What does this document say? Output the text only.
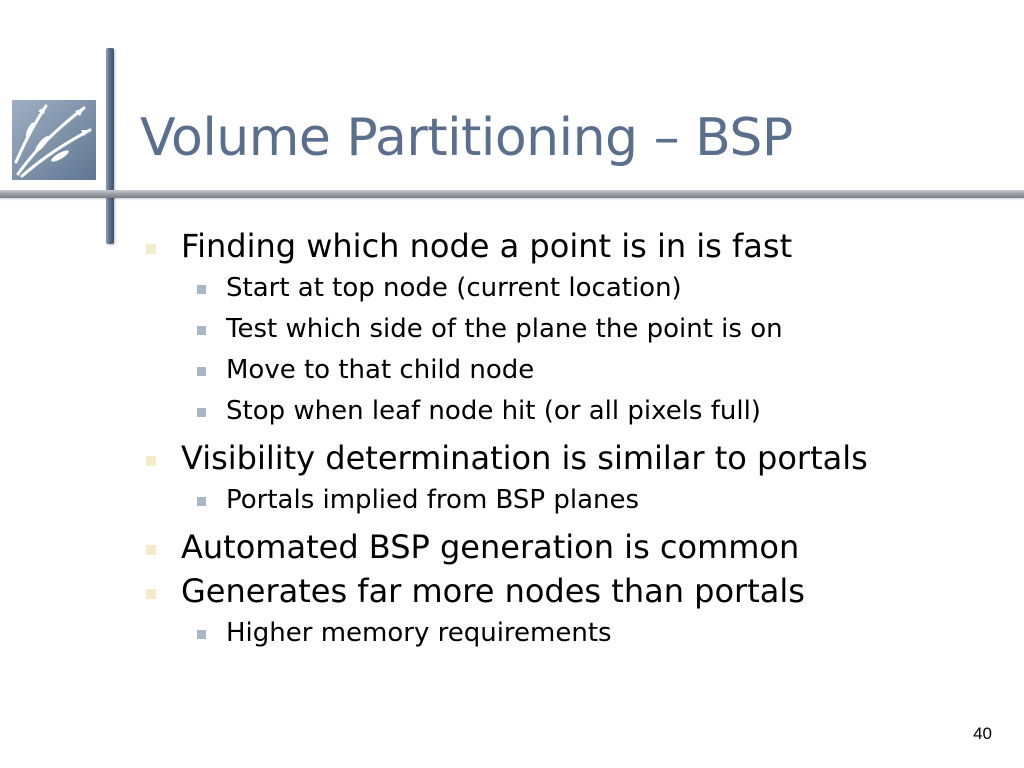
Volume Partitioning – BSP
Finding which node a point is in is fast
Start at top node (current location)
Test which side of the plane the point is on
Move to that child node
Stop when leaf node hit (or all pixels full)
Visibility determination is similar to portals
Portals implied from BSP planes
Automated BSP generation is common
Generates far more nodes than portals
Higher memory requirements
40
